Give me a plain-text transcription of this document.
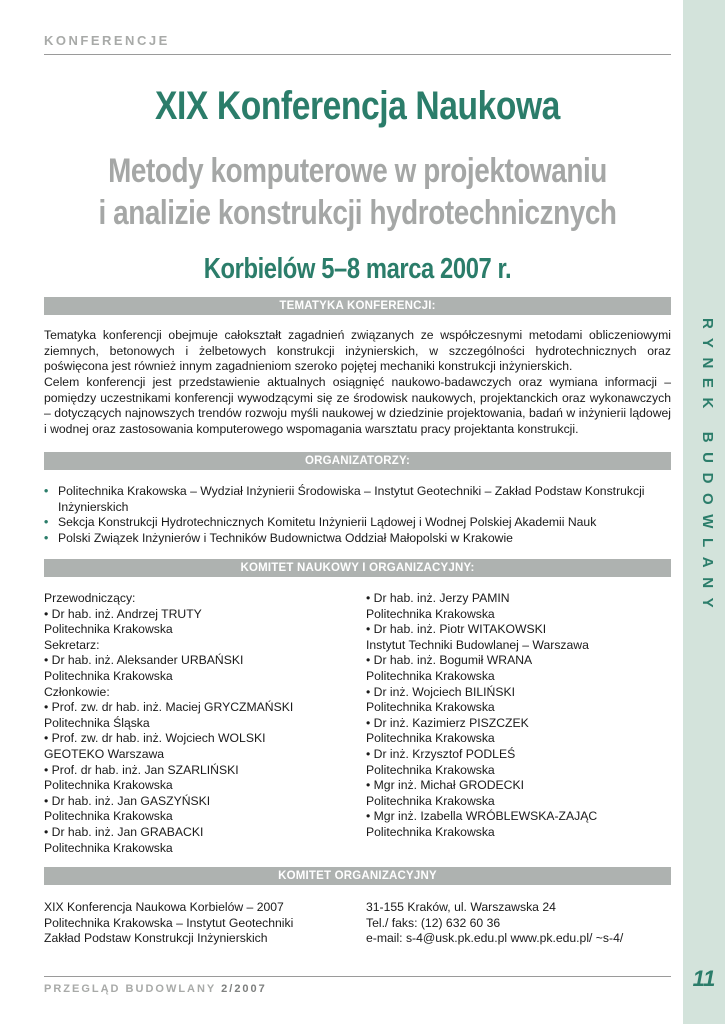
RYNEK BUDOWLANY
KONFERENCJE
XIX Konferencja Naukowa
Metody komputerowe w projektowaniu
i analizie konstrukcji hydrotechnicznych
Korbielów 5–8 marca 2007 r.
TEMATYKA KONFERENCJI:

Tematyka konferencji obejmuje całokształt zagadnień związanych ze współczesnymi metodami obliczeniowymi ziemnych, betonowych i żelbetowych konstrukcji inżynierskich, w szczególności hydrotechnicznych oraz poświęcona jest również innym zagadnieniom szeroko pojętej mechaniki konstrukcji inżynierskich.

Celem konferencji jest przedstawienie aktualnych osiągnięć naukowo-badawczych oraz wymiana informacji – pomiędzy uczestnikami konferencji wywodzącymi się ze środowisk naukowych, projektanckich oraz wykonawczych – dotyczących najnowszych trendów rozwoju myśli naukowej w dziedzinie projektowania, badań w inżynierii lądowej i wodnej oraz zastosowania komputerowego wspomagania warsztatu pracy projektanta konstrukcji.

ORGANIZATORZY:
• Politechnika Krakowska – Wydział Inżynierii Środowiska – Instytut Geotechniki – Zakład Podstaw Konstrukcji Inżynierskich
• Sekcja Konstrukcji Hydrotechnicznych Komitetu Inżynierii Lądowej i Wodnej Polskiej Akademii Nauk
• Polski Związek Inżynierów i Techników Budownictwa Oddział Małopolski w Krakowie
KOMITET NAUKOWY I ORGANIZACYJNY:
Przewodniczący:
• Dr hab. inż. Andrzej TRUTY
Politechnika Krakowska
Sekretarz:
• Dr hab. inż. Aleksander URBAŃSKI
Politechnika Krakowska
Członkowie:
• Prof. zw. dr hab. inż. Maciej GRYCZMAŃSKI
Politechnika Śląska
• Prof. zw. dr hab. inż. Wojciech WOLSKI
GEOTEKO Warszawa
• Prof. dr hab. inż. Jan SZARLIŃSKI
Politechnika Krakowska
• Dr hab. inż. Jan GASZYŃSKI
Politechnika Krakowska
• Dr hab. inż. Jan GRABACKI
Politechnika Krakowska
• Dr hab. inż. Jerzy PAMIN
Politechnika Krakowska
• Dr hab. inż. Piotr WITAKOWSKI
Instytut Techniki Budowlanej – Warszawa
• Dr hab. inż. Bogumił WRANA
Politechnika Krakowska
• Dr inż. Wojciech BILIŃSKI
Politechnika Krakowska
• Dr inż. Kazimierz PISZCZEK
Politechnika Krakowska
• Dr inż. Krzysztof PODLEŚ
Politechnika Krakowska
• Mgr inż. Michał GRODECKI
Politechnika Krakowska
• Mgr inż. Izabella WRÓBLEWSKA-ZAJĄC
Politechnika Krakowska
KOMITET ORGANIZACYJNY
XIX Konferencja Naukowa Korbielów – 2007
Politechnika Krakowska – Instytut Geotechniki
Zakład Podstaw Konstrukcji Inżynierskich
31-155 Kraków, ul. Warszawska 24
Tel./ faks: (12) 632 60 36
e-mail: s-4@usk.pk.edu.pl www.pk.edu.pl/ ~s-4/
PRZEGLĄD BUDOWLANY 2/2007	11
